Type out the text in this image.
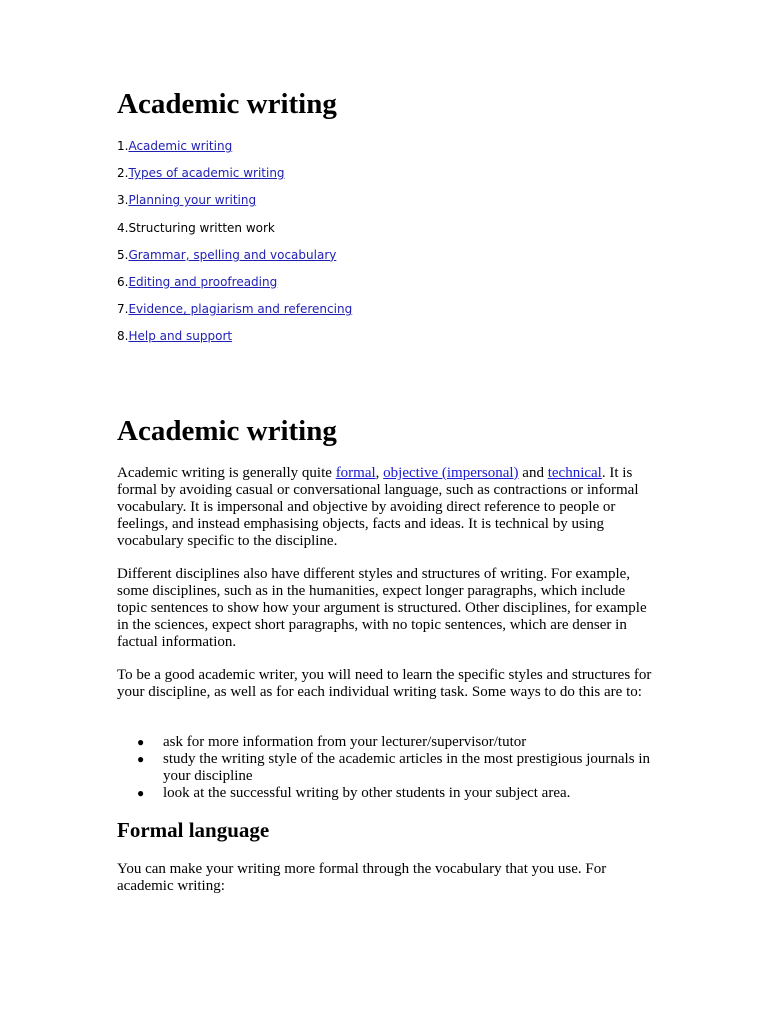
Academic writing
1.Academic writing
2.Types of academic writing
3.Planning your writing
4.Structuring written work
5.Grammar, spelling and vocabulary
6.Editing and proofreading
7.Evidence, plagiarism and referencing
8.Help and support
Academic writing

Academic writing is generally quite formal, objective (impersonal) and technical. It is formal by avoiding casual or conversational language, such as contractions or informal vocabulary. It is impersonal and objective by avoiding direct reference to people or feelings, and instead emphasising objects, facts and ideas. It is technical by using vocabulary specific to the discipline.

Different disciplines also have different styles and structures of writing. For example, some disciplines, such as in the humanities, expect longer paragraphs, which include topic sentences to show how your argument is structured. Other disciplines, for example in the sciences, expect short paragraphs, with no topic sentences, which are denser in factual information.

To be a good academic writer, you will need to learn the specific styles and structures for your discipline, as well as for each individual writing task. Some ways to do this are to:

● ask for more information from your lecturer/supervisor/tutor
● study the writing style of the academic articles in the most prestigious journals in your discipline
● look at the successful writing by other students in your subject area.
Formal language

You can make your writing more formal through the vocabulary that you use. For academic writing:
